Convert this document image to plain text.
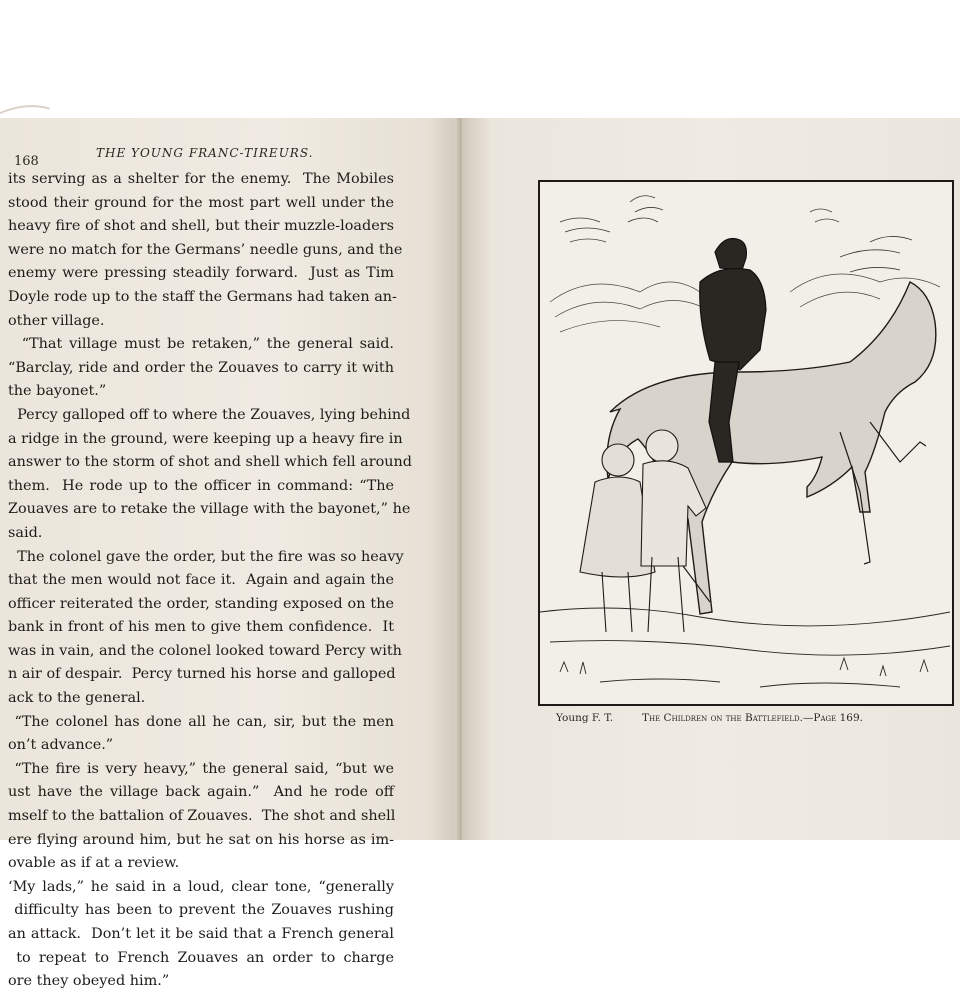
168
THE YOUNG FRANC-TIREURS.
its serving as a shelter for the enemy.  The Mobiles
stood their ground for the most part well under the
heavy fire of shot and shell, but their muzzle-loaders
were no match for the Germans’ needle guns, and the
enemy were pressing steadily forward.  Just as Tim
Doyle rode up to the staff the Germans had taken an-
other village.
“That village must be retaken,” the general said.
“Barclay, ride and order the Zouaves to carry it with
the bayonet.”
Percy galloped off to where the Zouaves, lying behind
a ridge in the ground, were keeping up a heavy fire in
answer to the storm of shot and shell which fell around
them.  He rode up to the officer in command: “The
Zouaves are to retake the village with the bayonet,” he
said.
The colonel gave the order, but the fire was so heavy
that the men would not face it.  Again and again the
officer reiterated the order, standing exposed on the
bank in front of his men to give them confidence.  It
was in vain, and the colonel looked toward Percy with
n air of despair.  Percy turned his horse and galloped
ack to the general.
“The colonel has done all he can, sir, but the men
on’t advance.”
“The fire is very heavy,” the general said, “but we
ust have the village back again.”  And he rode off
mself to the battalion of Zouaves.  The shot and shell
ere flying around him, but he sat on his horse as im-
ovable as if at a review.
‘My lads,” he said in a loud, clear tone, “generally
difficulty has been to prevent the Zouaves rushing
an attack.  Don’t let it be said that a French general
to repeat to French Zouaves an order to charge
ore they obeyed him.”
Young F. T.	The Children on the Battlefield.—Page 169.
